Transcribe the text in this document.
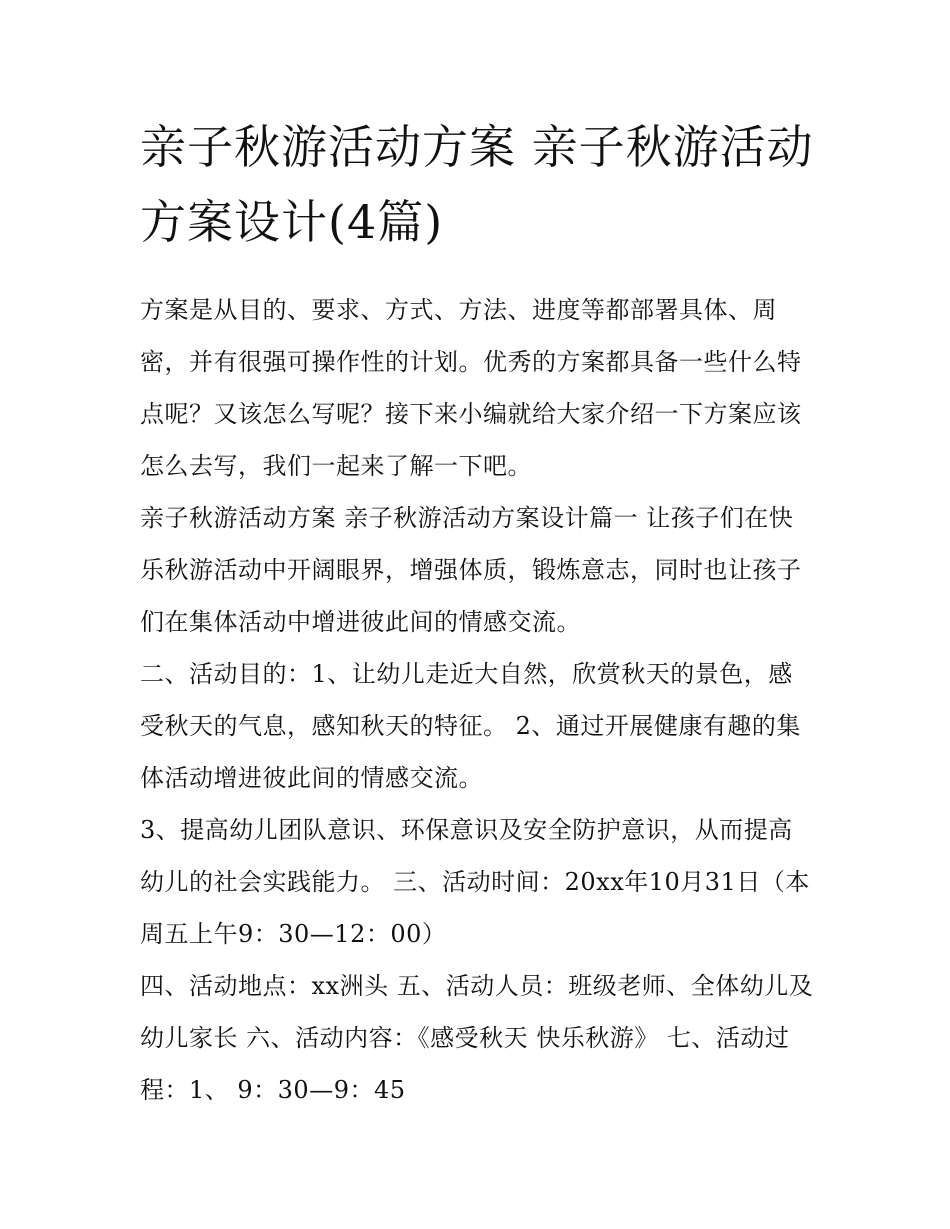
亲子秋游活动方案 亲子秋游活动方案设计(4篇)

方案是从目的、要求、方式、方法、进度等都部署具体、周密，并有很强可操作性的计划。优秀的方案都具备一些什么特点呢？又该怎么写呢？接下来小编就给大家介绍一下方案应该怎么去写，我们一起来了解一下吧。

亲子秋游活动方案 亲子秋游活动方案设计篇一 让孩子们在快乐秋游活动中开阔眼界，增强体质，锻炼意志，同时也让孩子们在集体活动中增进彼此间的情感交流。

二、活动目的：1、让幼儿走近大自然，欣赏秋天的景色，感受秋天的气息，感知秋天的特征。 2、通过开展健康有趣的集体活动增进彼此间的情感交流。

3、提高幼儿团队意识、环保意识及安全防护意识，从而提高幼儿的社会实践能力。 三、活动时间：20xx年10月31日（本周五上午9：30—12：00）

四、活动地点：xx洲头 五、活动人员：班级老师、全体幼儿及幼儿家长 六、活动内容：《感受秋天 快乐秋游》 七、活动过程：1、 9：30—9：45
